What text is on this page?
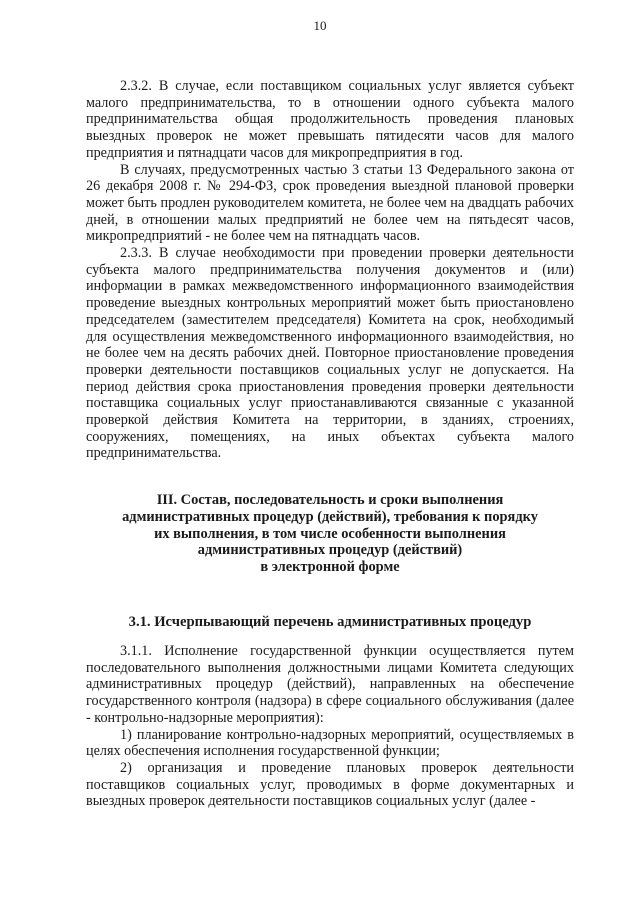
10

2.3.2. В случае, если поставщиком социальных услуг является субъект малого предпринимательства, то в отношении одного субъекта малого предпринимательства общая продолжительность проведения плановых выездных проверок не может превышать пятидесяти часов для малого предприятия и пятнадцати часов для микропредприятия в год.

В случаях, предусмотренных частью 3 статьи 13 Федерального закона от 26 декабря 2008 г. № 294-ФЗ, срок проведения выездной плановой проверки может быть продлен руководителем комитета, не более чем на двадцать рабочих дней, в отношении малых предприятий не более чем на пятьдесят часов, микропредприятий - не более чем на пятнадцать часов.

2.3.3. В случае необходимости при проведении проверки деятельности субъекта малого предпринимательства получения документов и (или) информации в рамках межведомственного информационного взаимодействия проведение выездных контрольных мероприятий может быть приостановлено председателем (заместителем председателя) Комитета на срок, необходимый для осуществления межведомственного информационного взаимодействия, но не более чем на десять рабочих дней. Повторное приостановление проведения проверки деятельности поставщиков социальных услуг не допускается. На период действия срока приостановления проведения проверки деятельности поставщика социальных услуг приостанавливаются связанные с указанной проверкой действия Комитета на территории, в зданиях, строениях, сооружениях, помещениях, на иных объектах субъекта малого предпринимательства.

III. Состав, последовательность и сроки выполнения
административных процедур (действий), требования к порядку
их выполнения, в том числе особенности выполнения
административных процедур (действий)
в электронной форме
3.1. Исчерпывающий перечень административных процедур

3.1.1. Исполнение государственной функции осуществляется путем последовательного выполнения должностными лицами Комитета следующих административных процедур (действий), направленных на обеспечение государственного контроля (надзора) в сфере социального обслуживания (далее - контрольно-надзорные мероприятия):

1) планирование контрольно-надзорных мероприятий, осуществляемых в целях обеспечения исполнения государственной функции;

2) организация и проведение плановых проверок деятельности поставщиков социальных услуг, проводимых в форме документарных и выездных проверок деятельности поставщиков социальных услуг (далее -
